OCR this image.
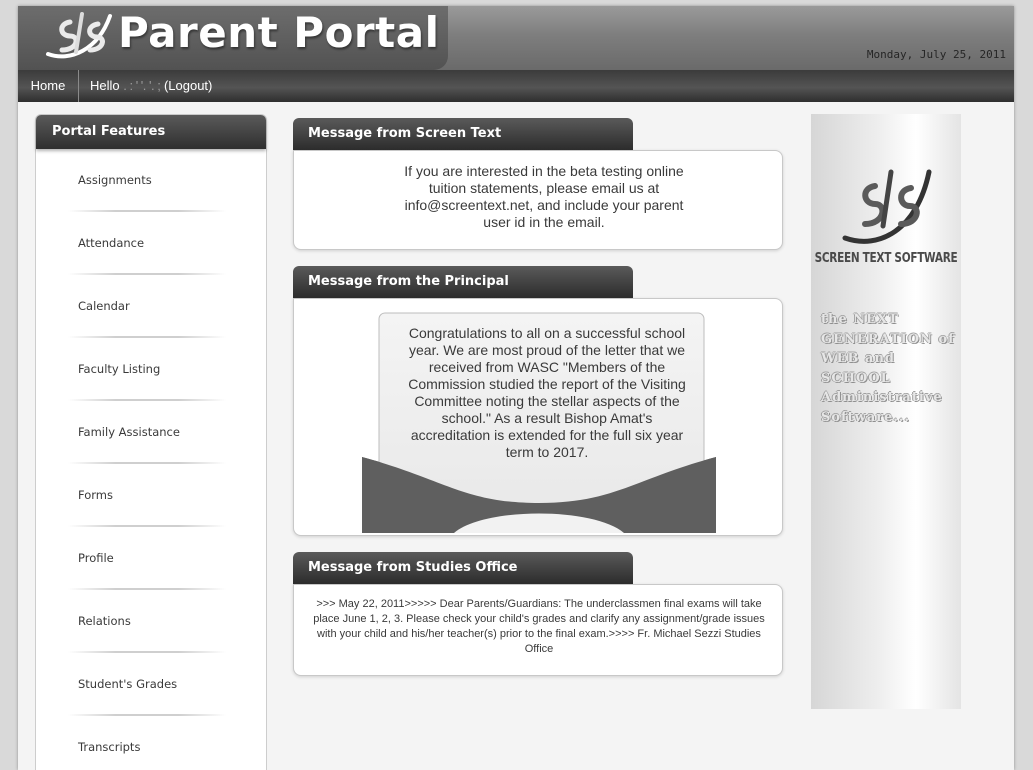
Parent Portal	Monday, July 25, 2011
Home	Hello . : ' '. '. ; (Logout)
Portal Features
Assignments
Attendance
Calendar
Faculty Listing
Family Assistance
Forms
Profile
Relations
Student's Grades
Transcripts
Message from Screen Text
If you are interested in the beta testing online tuition statements, please email us at info@screentext.net, and include your parent user id in the email.
Message from the Principal
Congratulations to all on a successful school year. We are most proud of the letter that we received from WASC "Members of the Commission studied the report of the Visiting Committee noting the stellar aspects of the school." As a result Bishop Amat's accreditation is extended for the full six year term to 2017.
Message from Studies Office
>>> May 22, 2011>>>>> Dear Parents/Guardians: The underclassmen final exams will take place June 1, 2, 3. Please check your child's grades and clarify any assignment/grade issues with your child and his/her teacher(s) prior to the final exam.>>>> Fr. Michael Sezzi Studies Office
SCREEN TEXT SOFTWARE
the NEXT GENERATION of WEB and SCHOOL Administrative Software...
